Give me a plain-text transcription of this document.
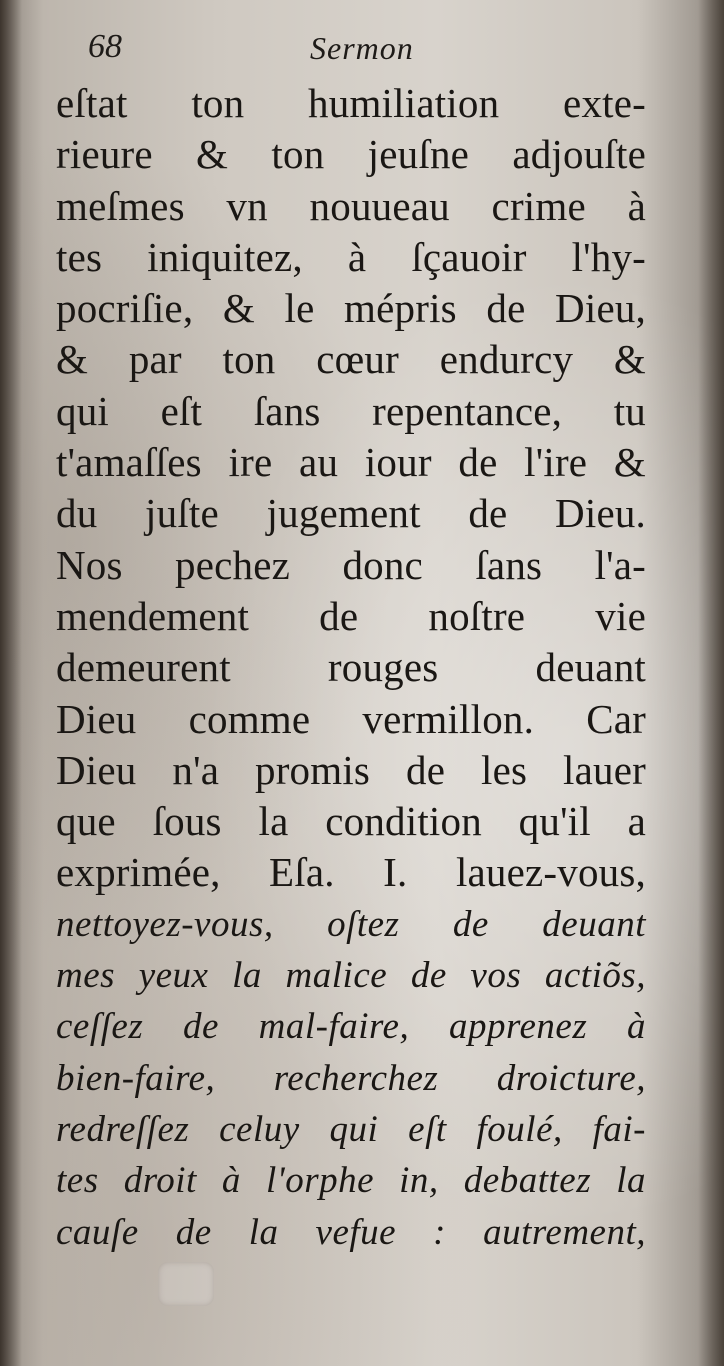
68	Sermon
eſtat ton humiliation exte-
rieure & ton jeuſne adjouſte
meſmes vn nouueau crime à
tes iniquitez, à ſçauoir l'hy-
pocriſie, & le mépris de Dieu,
& par ton cœur endurcy &
qui eſt ſans repentance, tu
t'amaſſes ire au iour de l'ire &
du juſte jugement de Dieu.
Nos pechez donc ſans l'a-
mendement de noſtre vie
demeurent rouges deuant
Dieu comme vermillon. Car
Dieu n'a promis de les lauer
que ſous la condition qu'il a
exprimée, Eſa. I. lauez-vous,
nettoyez-vous, oſtez de deuant
mes yeux la malice de vos actiõs,
ceſſez de mal-faire, apprenez à
bien-faire, recherchez droicture,
redreſſez celuy qui eſt foulé, fai-
tes droit à l'orphe in, debattez la
cauſe de la vefue : autrement,
